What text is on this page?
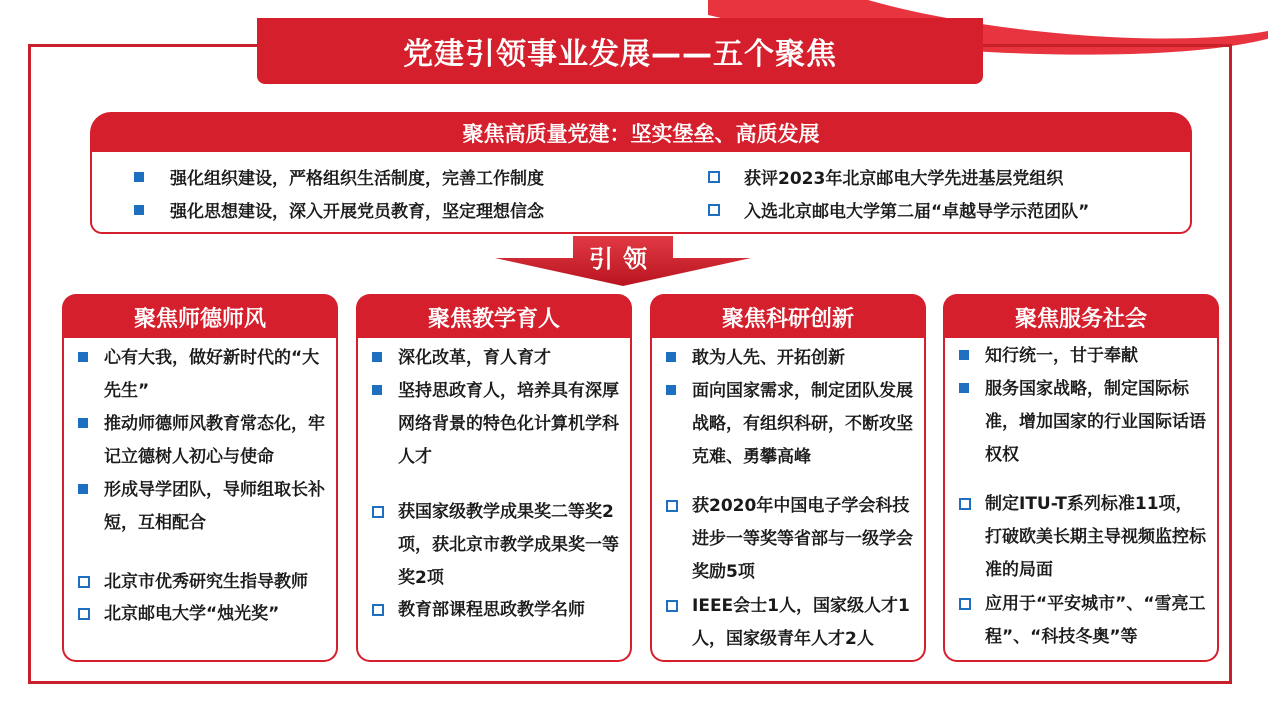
党建引领事业发展——五个聚焦
聚焦高质量党建：坚实堡垒、高质发展
强化组织建设，严格组织生活制度，完善工作制度
强化思想建设，深入开展党员教育，坚定理想信念
获评2023年北京邮电大学先进基层党组织
入选北京邮电大学第二届“卓越导学示范团队”
引领
聚焦师德师风
心有大我，做好新时代的“大先生”
推动师德师风教育常态化，牢记立德树人初心与使命
形成导学团队，导师组取长补短，互相配合
北京市优秀研究生指导教师
北京邮电大学“烛光奖”
聚焦教学育人
深化改革，育人育才
坚持思政育人，培养具有深厚网络背景的特色化计算机学科人才
获国家级教学成果奖二等奖2项，获北京市教学成果奖一等奖2项
教育部课程思政教学名师
聚焦科研创新
敢为人先、开拓创新
面向国家需求，制定团队发展战略，有组织科研，不断攻坚克难、勇攀高峰
获2020年中国电子学会科技进步一等奖等省部与一级学会奖励5项
IEEE会士1人，国家级人才1人，国家级青年人才2人
聚焦服务社会
知行统一，甘于奉献
服务国家战略，制定国际标准，增加国家的行业国际话语权权
制定ITU-T系列标准11项，打破欧美长期主导视频监控标准的局面
应用于“平安城市”、“雪亮工程”、“科技冬奥”等
